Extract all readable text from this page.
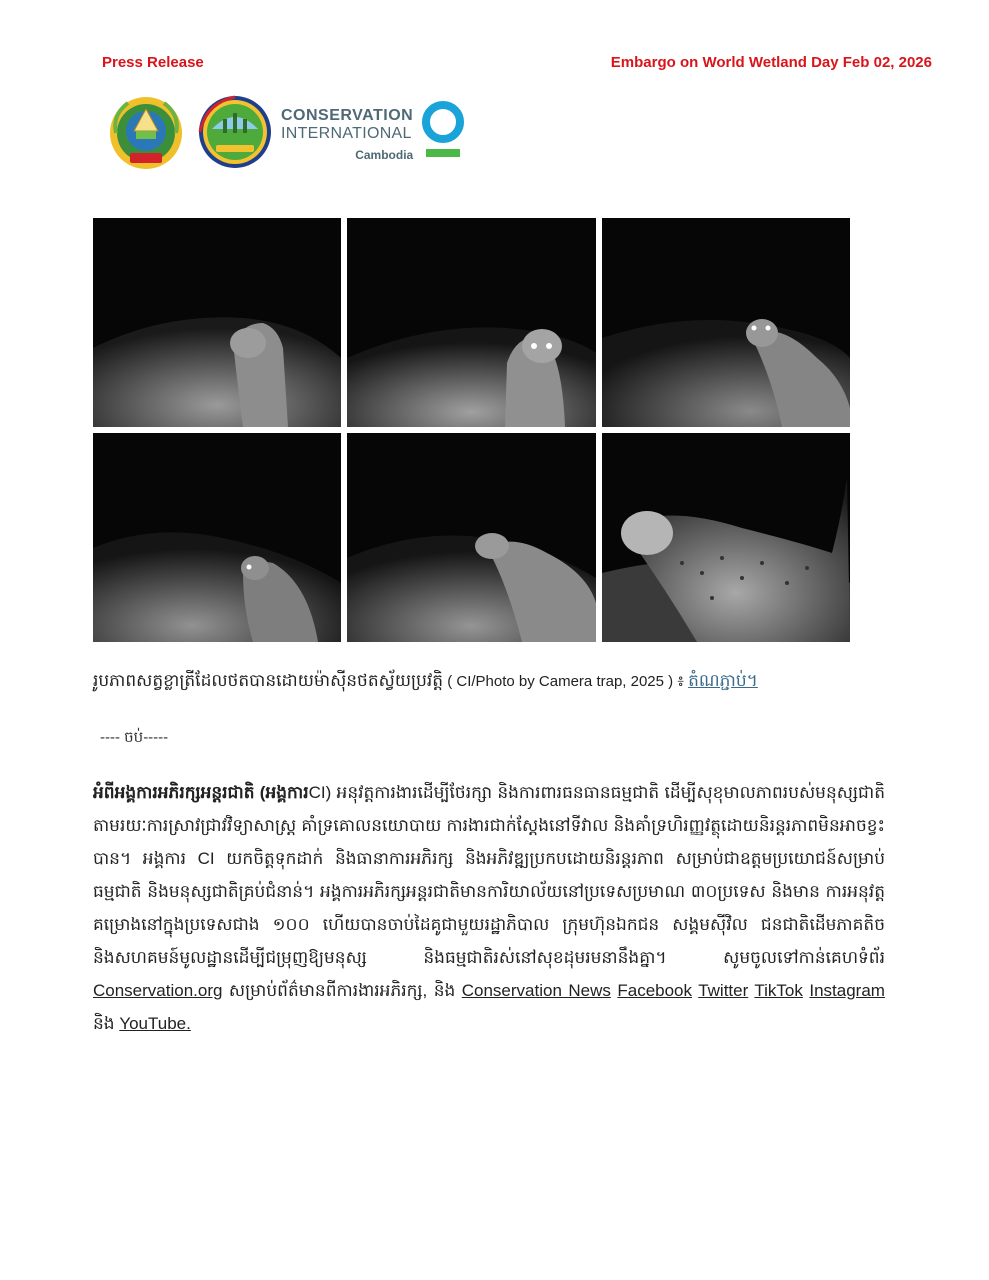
Press Release	Embargo on World Wetland Day Feb 02, 2026
CONSERVATION
INTERNATIONAL
Cambodia
រូបភាពសត្វខ្លាត្រីដែលថតបានដោយម៉ាស៊ីនថតស្វ័យប្រវត្តិ ( CI/Photo by Camera trap, 2025 ) ៖ តំណភ្ជាប់។
---- ចប់-----
អំពីអង្គការអភិរក្សអន្តរជាតិ (អង្គការCI) អនុវត្តការងារដើម្បីថែរក្សា និងការពារធនធានធម្មជាតិ ដើម្បីសុខុមាលភាពរបស់មនុស្សជាតិ តាមរយៈការស្រាវជ្រាវវិទ្យាសាស្ត្រ គាំទ្រគោលនយោបាយ ការងារជាក់ស្តែងនៅទីវាល និងគាំទ្រហិរញ្ញវត្ថុដោយនិរន្តរភាពមិនអាចខ្វះបាន។ អង្គការ CI យកចិត្តទុកដាក់ និងធានាការអភិរក្ស និងអភិវឌ្ឍប្រកបដោយនិរន្តរភាព សម្រាប់ជាឧត្តមប្រយោជន៍សម្រាប់ធម្មជាតិ និងមនុស្សជាតិគ្រប់ជំនាន់។ អង្គការអភិរក្សអន្តរជាតិមានការិយាល័យនៅប្រទេសប្រមាណ ៣០ប្រទេស និងមាន ការអនុវត្តគម្រោងនៅក្នុងប្រទេសជាង ១០០ ហើយបានចាប់ដៃគូជាមួយរដ្ឋាភិបាល ក្រុមហ៊ុនឯកជន សង្គមស៊ីវិល ជនជាតិដើមភាគតិច និងសហគមន៍មូលដ្ឋានដើម្បីជម្រុញឱ្យមនុស្ស និងធម្មជាតិរស់នៅសុខដុមរមនានឹងគ្នា។ សូមចូលទៅកាន់គេហទំព័រ Conservation.org សម្រាប់ព័ត៌មានពីការងារអភិរក្ស, និង Conservation News Facebook Twitter TikTok Instagram និង YouTube.
